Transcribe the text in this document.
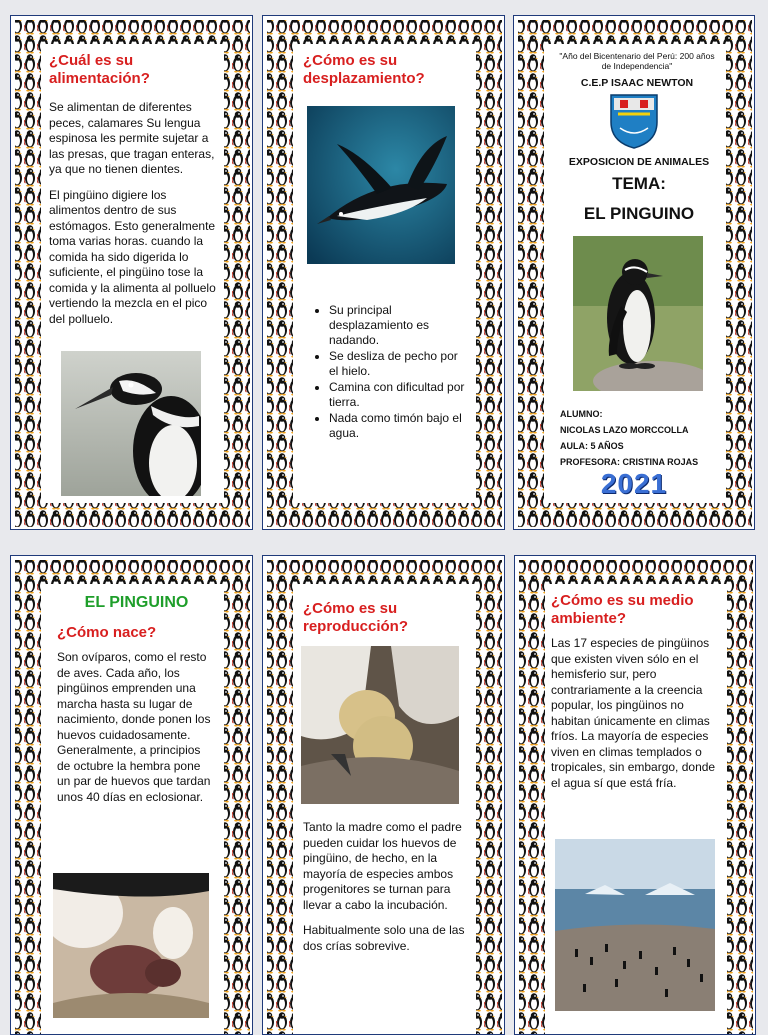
¿Cuál es su alimentación?

Se alimentan de diferentes peces, calamares Su lengua espinosa les permite sujetar a las presas, que tragan enteras, ya que no tienen dientes.

El pingüino digiere los alimentos dentro de sus estómagos. Esto generalmente toma varias horas. cuando la comida ha sido digerida lo suficiente, el pingüino tose la comida y la alimenta al polluelo vertiendo la mezcla en el pico del polluelo.

¿Cómo es su desplazamiento?

• Su principal desplazamiento es nadando.
• Se desliza de pecho por el hielo.
• Camina con dificultad por tierra.
• Nada como timón bajo el agua.
"Año del Bicentenario del Perú: 200 años de Independencia"
C.E.P ISAAC NEWTON
EXPOSICION DE ANIMALES
TEMA:
EL PINGUINO
ALUMNO:
NICOLAS LAZO MORCCOLLA
AULA: 5 AÑOS
PROFESORA: CRISTINA ROJAS
2021
EL PINGUINO

¿Cómo nace?

Son ovíparos, como el resto de aves. Cada año, los pingüinos emprenden una marcha hasta su lugar de nacimiento, donde ponen los huevos cuidadosamente. Generalmente, a principios de octubre la hembra pone un par de huevos que tardan unos 40 días en eclosionar.

¿Cómo es su reproducción?

Tanto la madre como el padre pueden cuidar los huevos de pingüino, de hecho, en la mayoría de especies ambos progenitores se turnan para llevar a cabo la incubación.

Habitualmente solo una de las dos crías sobrevive.

¿Cómo es su medio ambiente?

Las 17 especies de pingüinos que existen viven sólo en el hemisferio sur, pero contrariamente a la creencia popular, los pingüinos no habitan únicamente en climas fríos. La mayoría de especies viven en climas templados o tropicales, sin embargo, donde el agua sí que está fría.
